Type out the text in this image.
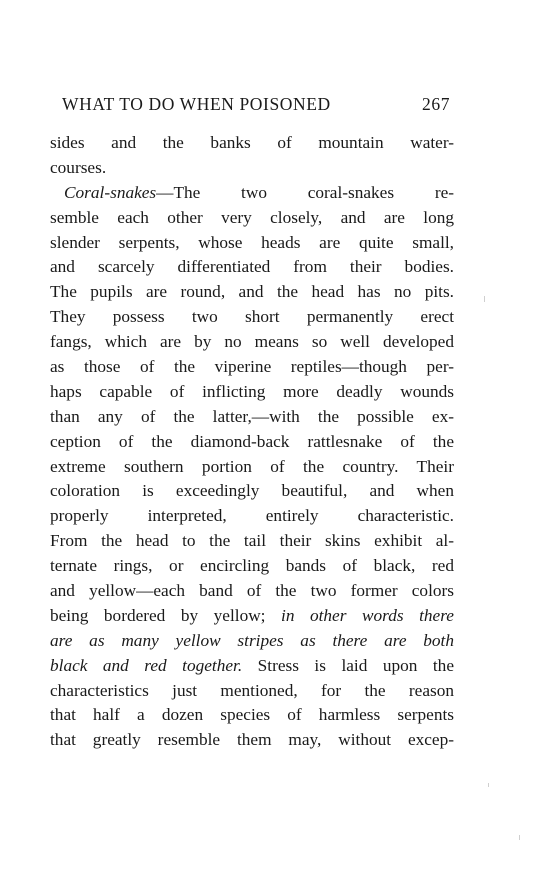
WHAT TO DO WHEN POISONED	267
sides and the banks of mountain water-
courses.
Coral-snakes—The two coral-snakes re-
semble each other very closely, and are long
slender serpents, whose heads are quite small,
and scarcely differentiated from their bodies.
The pupils are round, and the head has no pits.
They possess two short permanently erect
fangs, which are by no means so well developed
as those of the viperine reptiles—though per-
haps capable of inflicting more deadly wounds
than any of the latter,—with the possible ex-
ception of the diamond-back rattlesnake of the
extreme southern portion of the country. Their
coloration is exceedingly beautiful, and when
properly interpreted, entirely characteristic.
From the head to the tail their skins exhibit al-
ternate rings, or encircling bands of black, red
and yellow—each band of the two former colors
being bordered by yellow; in other words there
are as many yellow stripes as there are both
black and red together. Stress is laid upon the
characteristics just mentioned, for the reason
that half a dozen species of harmless serpents
that greatly resemble them may, without excep-
